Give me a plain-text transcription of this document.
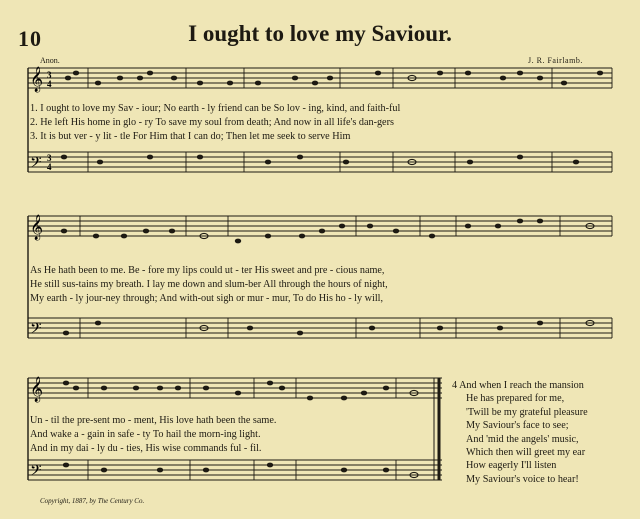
10	I ought to love my Saviour.
Anon.	J. R. Fairlamb.
𝄞
𝄢
3
4
3
4
1. I ought to love my Sav - iour; No earth - ly friend can be So lov - ing, kind, and faith-ful
2. He left His home in glo - ry To save my soul from death; And now in all life's dan-gers
3. It is but ver - y lit - tle For Him that I can do; Then let me seek to serve Him
𝄞
𝄢
As He hath been to me. Be - fore my lips could ut - ter His sweet and pre - cious name,
He still sus-tains my breath. I lay me down and slum-ber All through the hours of night,
My earth - ly jour-ney through; And with-out sigh or mur - mur, To do His ho - ly will,
𝄞
𝄢
Un - til the pre-sent mo - ment, His love hath been the same.
And wake a - gain in safe - ty To hail the morn-ing light.
And in my dai - ly du - ties, His wise commands ful - fil.
4 And when I reach the mansion
He has prepared for me,
'Twill be my grateful pleasure
My Saviour's face to see;
And 'mid the angels' music,
Which then will greet my ear
How eagerly I'll listen
My Saviour's voice to hear!
Copyright, 1887, by The Century Co.
